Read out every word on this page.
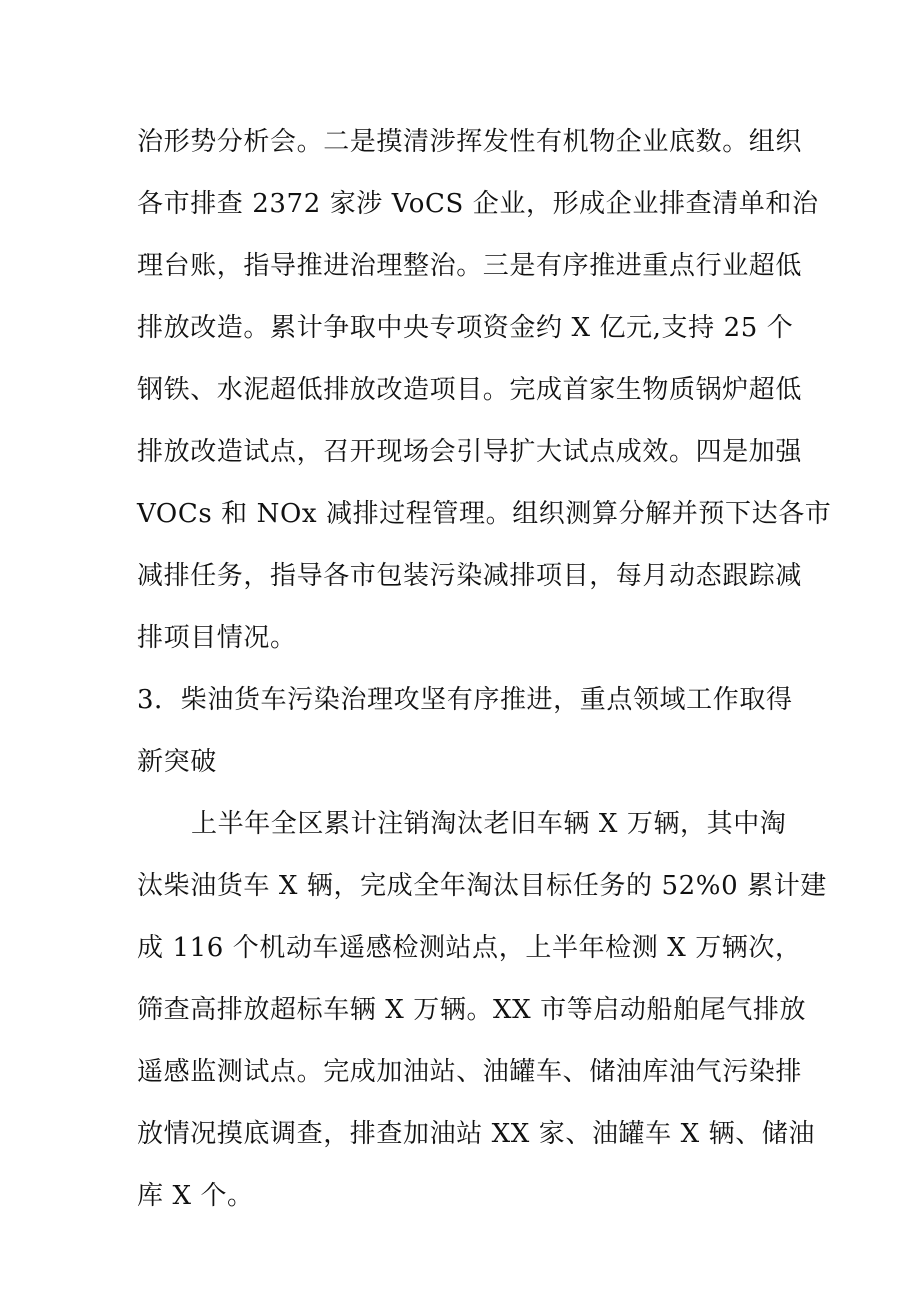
治形势分析会。二是摸清涉挥发性有机物企业底数。组织
各市排查 2372 家涉 VoCS 企业，形成企业排查清单和治
理台账，指导推进治理整治。三是有序推进重点行业超低
排放改造。累计争取中央专项资金约 X 亿元,支持 25 个
钢铁、水泥超低排放改造项目。完成首家生物质锅炉超低
排放改造试点，召开现场会引导扩大试点成效。四是加强
VOCs 和 NOx 减排过程管理。组织测算分解并预下达各市
减排任务，指导各市包装污染减排项目，每月动态跟踪减
排项目情况。
3．柴油货车污染治理攻坚有序推进，重点领域工作取得
新突破
上半年全区累计注销淘汰老旧车辆 X 万辆，其中淘
汰柴油货车 X 辆，完成全年淘汰目标任务的 52%0 累计建
成 116 个机动车遥感检测站点，上半年检测 X 万辆次，
筛查高排放超标车辆 X 万辆。XX 市等启动船舶尾气排放
遥感监测试点。完成加油站、油罐车、储油库油气污染排
放情况摸底调查，排查加油站 XX 家、油罐车 X 辆、储油
库 X 个。
